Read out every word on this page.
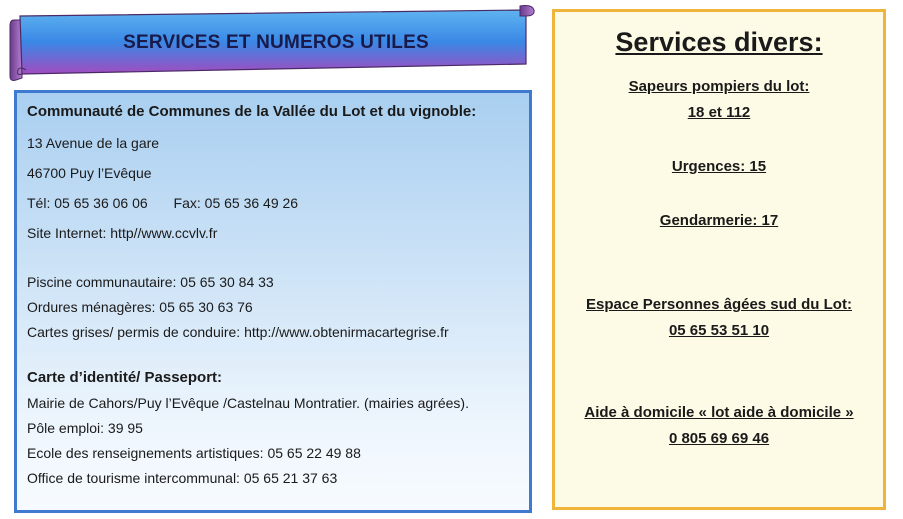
SERVICES ET NUMEROS UTILES
Communauté de Communes de la Vallée du Lot et du vignoble:
13 Avenue de la gare
46700 Puy l’Evêque
Tél: 05 65 36 06 06 Fax: 05 65 36 49 26
Site Internet: http//www.ccvlv.fr
Piscine communautaire: 05 65 30 84 33
Ordures ménagères: 05 65 30 63 76
Cartes grises/ permis de conduire: http://www.obtenirmacartegrise.fr
Carte d’identité/ Passeport:
Mairie de Cahors/Puy l’Evêque /Castelnau Montratier. (mairies agrées).
Pôle emploi: 39 95
Ecole des renseignements artistiques: 05 65 22 49 88
Office de tourisme intercommunal: 05 65 21 37 63
Services divers:
Sapeurs pompiers du lot:
18 et 112
Urgences: 15
Gendarmerie: 17
Espace Personnes âgées sud du Lot:
05 65 53 51 10
Aide à domicile « lot aide à domicile »
0 805 69 69 46
